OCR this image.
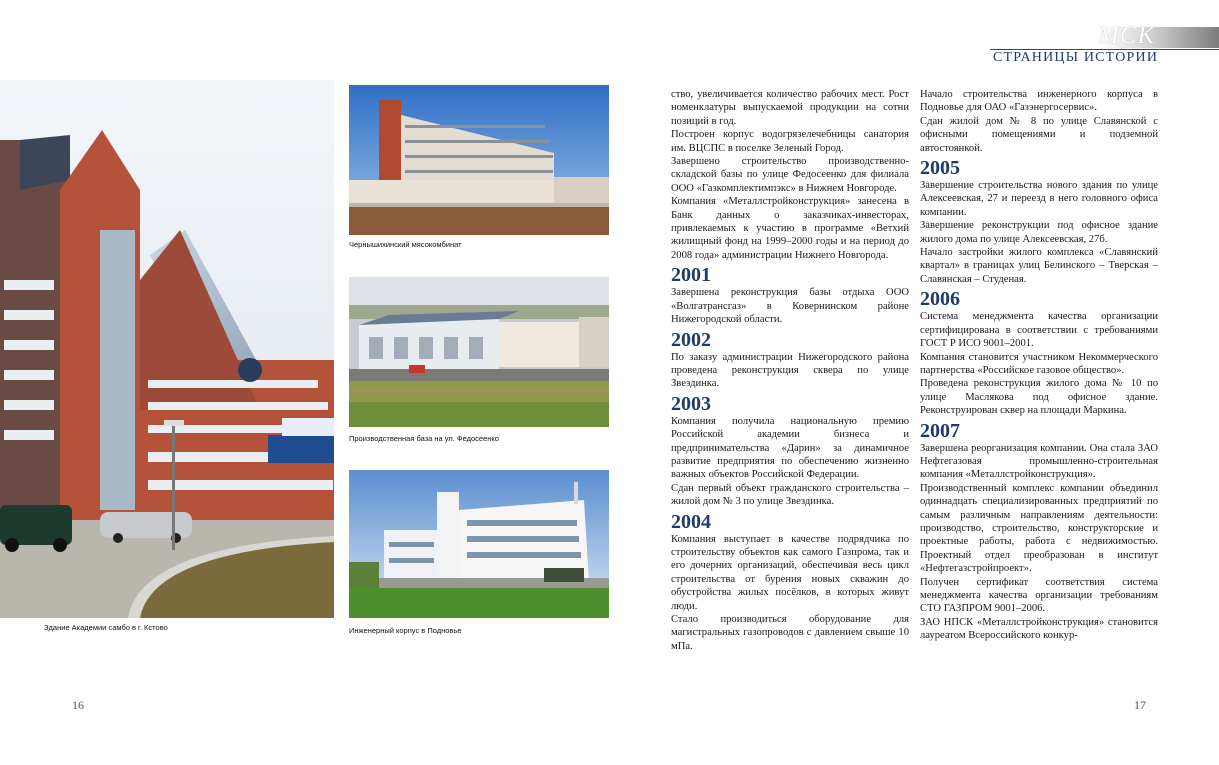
МСК
СТРАНИЦЫ ИСТОРИИ
Здание Академии самбо в г. Кстово
Чернышихинский мясокомбинат
Производственная база на ул. Федосеенко
Инженерный корпус в Подновье

ство, увеличивается количество рабочих мест. Рост номенклатуры выпускаемой продукции на сотни позиций в год.

Построен корпус водогрязелечебницы санатория им. ВЦСПС в поселке Зеленый Город.

Завершено строительство производственно-складской базы по улице Федосеенко для филиала ООО «Газкомплектимпэкс» в Нижнем Новгороде.

Компания «Металлстройконструкция» занесена в Банк данных о заказчиках-инвесторах, привлекаемых к участию в программе «Ветхий жилищный фонд на 1999–2000 годы и на период до 2008 года» администрации Нижнего Новгорода.

2001

Завершена реконструкция базы отдыха ООО «Волгатрансгаз» в Ковернинском районе Нижегородской области.

2002

По заказу администрации Нижегородского района проведена реконструкция сквера по улице Звездинка.

2003

Компания получила национальную премию Российской академии бизнеса и предпринимательства «Дарин» за динамичное развитие предприятия по обеспечению жизненно важных объектов Российской Федерации.

Сдан первый объект гражданского строительства – жилой дом № 3 по улице Звездинка.

2004

Компания выступает в качестве подрядчика по строительству объектов как самого Газпрома, так и его дочерних организаций, обеспечивая весь цикл строительства от бурения новых скважин до обустройства жилых посёлков, в которых живут люди.

Стало производиться оборудование для магистральных газопроводов с давлением свыше 10 мПа.

Начало строительства инженерного корпуса в Подновье для ОАО «Газэнергосервис».

Сдан жилой дом № 8 по улице Славянской с офисными помещениями и подземной автостоянкой.

2005

Завершение строительства нового здания по улице Алексеевская, 27 и переезд в него головного офиса компании.

Завершение реконструкции под офисное здание жилого дома по улице Алексеевская, 27б.

Начало застройки жилого комплекса «Славянский квартал» в границах улиц Белинского – Тверская – Славянская – Студеная.

2006

Система менеджмента качества организации сертифицирована в соответствии с требованиями ГОСТ Р ИСО 9001–2001.

Компания становится участником Некоммерческого партнерства «Российское газовое общество».

Проведена реконструкция жилого дома № 10 по улице Маслякова под офисное здание. Реконструирован сквер на площади Маркина.

2007

Завершена реорганизация компании. Она стала ЗАО Нефтегазовая промышленно-строительная компания «Металлстройконструкция».

Производственный комплекс компании объединил одиннадцать специализированных предприятий по самым различным направлениям деятельности: производство, строительство, конструкторские и проектные работы, работа с недвижимостью. Проектный отдел преобразован в институт «Нефтегазстройпроект».

Получен сертификат соответствия система менеджмента качества организации требованиям СТО ГАЗПРОМ 9001–2006.

ЗАО НПСК «Металлстройконструкция» становится лауреатом Всероссийского конкур-

16	17
